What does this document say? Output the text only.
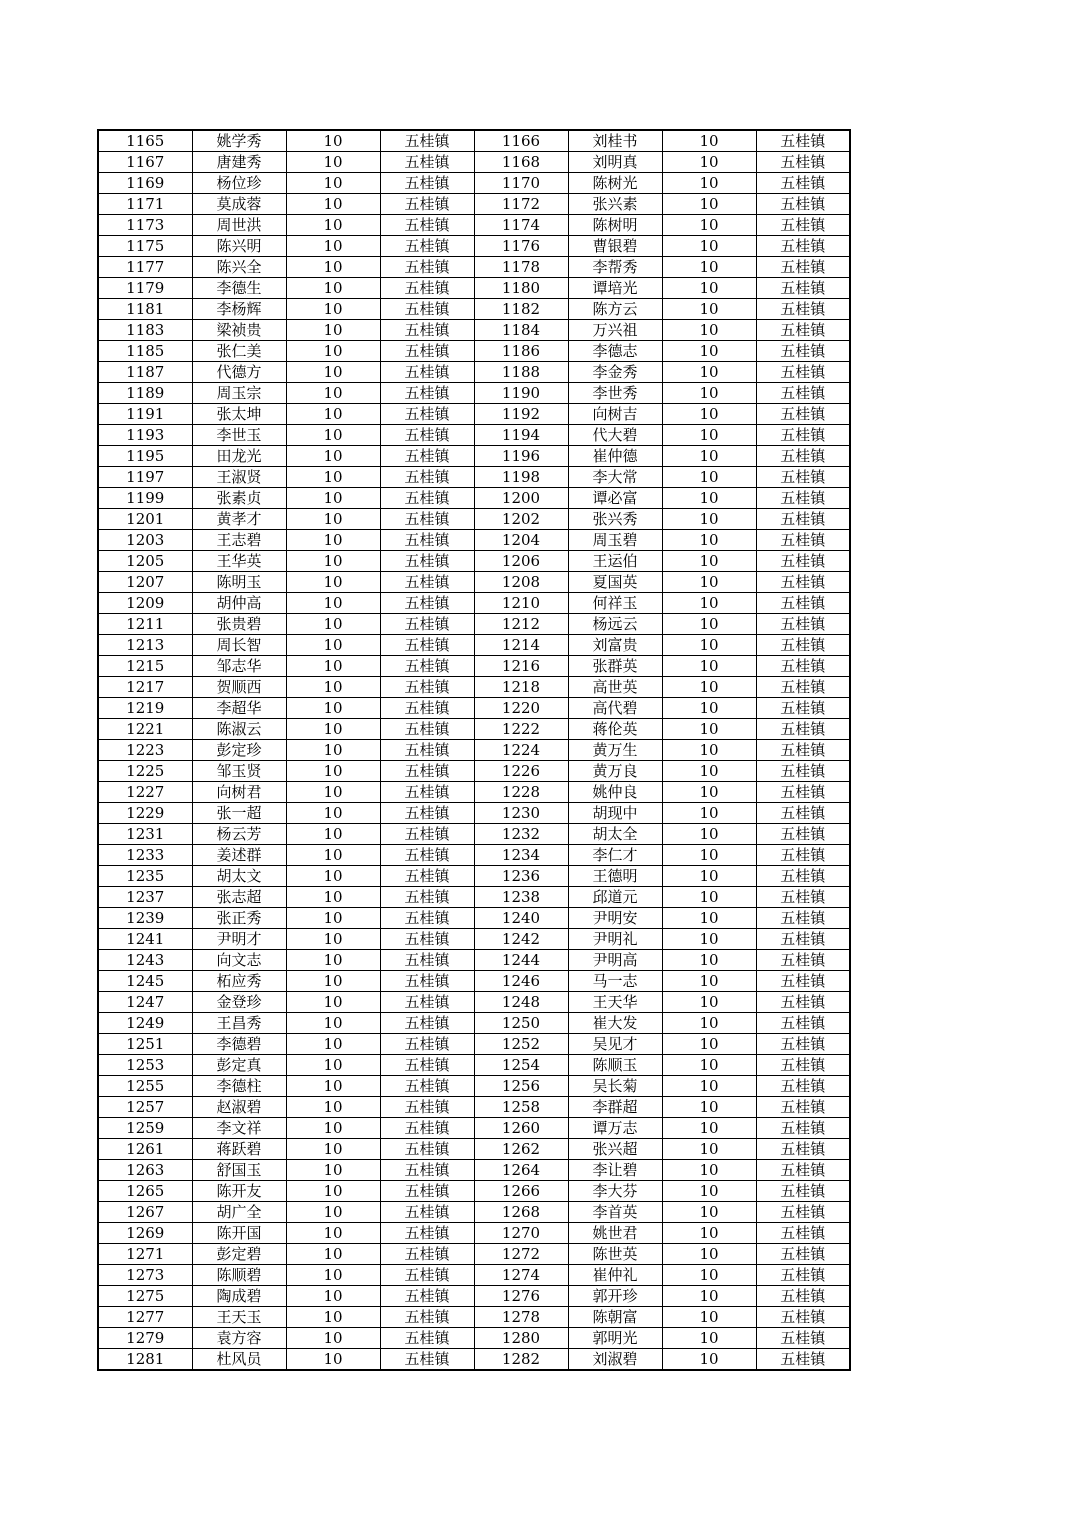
1165	姚学秀	10	五桂镇	1166	刘桂书	10	五桂镇
1167	唐建秀	10	五桂镇	1168	刘明真	10	五桂镇
1169	杨位珍	10	五桂镇	1170	陈树光	10	五桂镇
1171	莫成蓉	10	五桂镇	1172	张兴素	10	五桂镇
1173	周世洪	10	五桂镇	1174	陈树明	10	五桂镇
1175	陈兴明	10	五桂镇	1176	曹银碧	10	五桂镇
1177	陈兴全	10	五桂镇	1178	李帮秀	10	五桂镇
1179	李德生	10	五桂镇	1180	谭培光	10	五桂镇
1181	李杨辉	10	五桂镇	1182	陈方云	10	五桂镇
1183	梁祯贵	10	五桂镇	1184	万兴祖	10	五桂镇
1185	张仁美	10	五桂镇	1186	李德志	10	五桂镇
1187	代德方	10	五桂镇	1188	李金秀	10	五桂镇
1189	周玉宗	10	五桂镇	1190	李世秀	10	五桂镇
1191	张太坤	10	五桂镇	1192	向树吉	10	五桂镇
1193	李世玉	10	五桂镇	1194	代大碧	10	五桂镇
1195	田龙光	10	五桂镇	1196	崔仲德	10	五桂镇
1197	王淑贤	10	五桂镇	1198	李大常	10	五桂镇
1199	张素贞	10	五桂镇	1200	谭必富	10	五桂镇
1201	黄孝才	10	五桂镇	1202	张兴秀	10	五桂镇
1203	王志碧	10	五桂镇	1204	周玉碧	10	五桂镇
1205	王华英	10	五桂镇	1206	王运伯	10	五桂镇
1207	陈明玉	10	五桂镇	1208	夏国英	10	五桂镇
1209	胡仲高	10	五桂镇	1210	何祥玉	10	五桂镇
1211	张贵碧	10	五桂镇	1212	杨远云	10	五桂镇
1213	周长智	10	五桂镇	1214	刘富贵	10	五桂镇
1215	邹志华	10	五桂镇	1216	张群英	10	五桂镇
1217	贺顺西	10	五桂镇	1218	高世英	10	五桂镇
1219	李超华	10	五桂镇	1220	高代碧	10	五桂镇
1221	陈淑云	10	五桂镇	1222	蒋伦英	10	五桂镇
1223	彭定珍	10	五桂镇	1224	黄万生	10	五桂镇
1225	邹玉贤	10	五桂镇	1226	黄万良	10	五桂镇
1227	向树君	10	五桂镇	1228	姚仲良	10	五桂镇
1229	张一超	10	五桂镇	1230	胡现中	10	五桂镇
1231	杨云芳	10	五桂镇	1232	胡太全	10	五桂镇
1233	姜述群	10	五桂镇	1234	李仁才	10	五桂镇
1235	胡太文	10	五桂镇	1236	王德明	10	五桂镇
1237	张志超	10	五桂镇	1238	邱道元	10	五桂镇
1239	张正秀	10	五桂镇	1240	尹明安	10	五桂镇
1241	尹明才	10	五桂镇	1242	尹明礼	10	五桂镇
1243	向文志	10	五桂镇	1244	尹明高	10	五桂镇
1245	柘应秀	10	五桂镇	1246	马一志	10	五桂镇
1247	金登珍	10	五桂镇	1248	王天华	10	五桂镇
1249	王昌秀	10	五桂镇	1250	崔大发	10	五桂镇
1251	李德碧	10	五桂镇	1252	吴见才	10	五桂镇
1253	彭定真	10	五桂镇	1254	陈顺玉	10	五桂镇
1255	李德柱	10	五桂镇	1256	吴长菊	10	五桂镇
1257	赵淑碧	10	五桂镇	1258	李群超	10	五桂镇
1259	李文祥	10	五桂镇	1260	谭万志	10	五桂镇
1261	蒋跃碧	10	五桂镇	1262	张兴超	10	五桂镇
1263	舒国玉	10	五桂镇	1264	李让碧	10	五桂镇
1265	陈开友	10	五桂镇	1266	李大芬	10	五桂镇
1267	胡广全	10	五桂镇	1268	李首英	10	五桂镇
1269	陈开国	10	五桂镇	1270	姚世君	10	五桂镇
1271	彭定碧	10	五桂镇	1272	陈世英	10	五桂镇
1273	陈顺碧	10	五桂镇	1274	崔仲礼	10	五桂镇
1275	陶成碧	10	五桂镇	1276	郭开珍	10	五桂镇
1277	王天玉	10	五桂镇	1278	陈朝富	10	五桂镇
1279	袁方容	10	五桂镇	1280	郭明光	10	五桂镇
1281	杜风员	10	五桂镇	1282	刘淑碧	10	五桂镇
